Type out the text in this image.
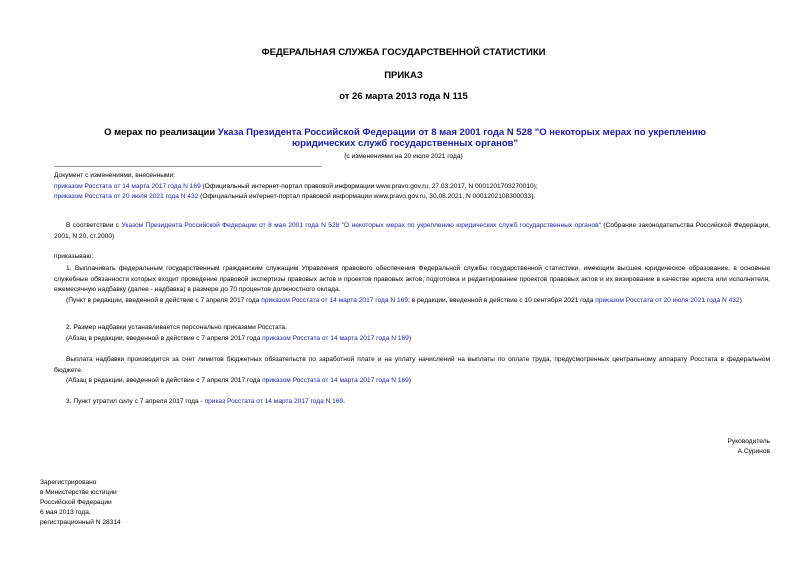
ФЕДЕРАЛЬНАЯ СЛУЖБА ГОСУДАРСТВЕННОЙ СТАТИСТИКИ
ПРИКАЗ
от 26 марта 2013 года N 115
О мерах по реализации Указа Президента Российской Федерации от 8 мая 2001 года N 528 "О некоторых мерах по укреплению юридических служб государственных органов"
(с изменениями на 20 июля 2021 года)

Документ с изменениями, внесенными:

приказом Росстата от 14 марта 2017 года N 169 (Официальный интернет-портал правовой информации www.pravo.gov.ru, 27.03.2017, N 0001201703270010);

приказом Росстата от 20 июля 2021 года N 432 (Официальный интернет-портал правовой информации www.pravo.gov.ru, 30.08.2021, N 0001202108300033).

В соответствии с Указом Президента Российской Федерации от 8 мая 2001 года N 528 "О некоторых мерах по укреплению юридических служб государственных органов" (Собрание законодательства Российской Федерации, 2001, N 20, ст.2000)

приказываю:

1. Выплачивать федеральным государственным гражданским служащим Управления правового обеспечения Федеральной службы государственной статистики, имеющим высшее юридическое образование, в основные служебные обязанности которых входит проведение правовой экспертизы правовых актов и проектов правовых актов, подготовка и редактирование проектов правовых актов и их визирование в качестве юриста или исполнителя, ежемесячную надбавку (далее - надбавка) в размере до 70 процентов должностного оклада.

(Пункт в редакции, введенной в действие с 7 апреля 2017 года приказом Росстата от 14 марта 2017 года N 169; в редакции, введенной в действие с 10 сентября 2021 года приказом Росстата от 20 июля 2021 года N 432)

2. Размер надбавки устанавливается персонально приказами Росстата.

(Абзац в редакции, введенной в действие с 7 апреля 2017 года приказом Росстата от 14 марта 2017 года N 169)

Выплата надбавки производится за счет лимитов бюджетных обязательств по заработной плате и на уплату начислений на выплаты по оплате труда, предусмотренных центральному аппарату Росстата в федеральном бюджете.

(Абзац в редакции, введенной в действие с 7 апреля 2017 года приказом Росстата от 14 марта 2017 года N 169)

3. Пункт утратил силу с 7 апреля 2017 года - приказ Росстата от 14 марта 2017 года N 169.

Руководитель
А.Суринов
Зарегистрировано
в Министерстве юстиции
Российской Федерации
6 мая 2013 года,
регистрационный N 28314
